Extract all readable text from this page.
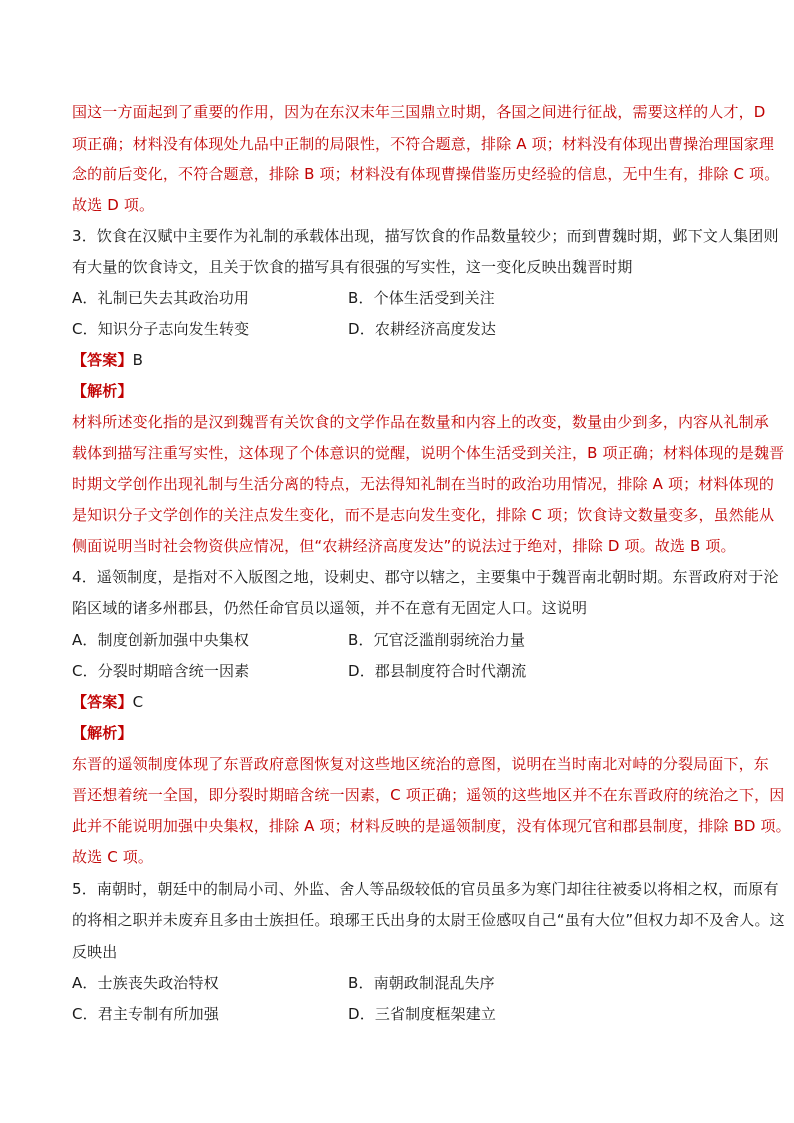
国这一方面起到了重要的作用，因为在东汉末年三国鼎立时期，各国之间进行征战，需要这样的人才，D
项正确；材料没有体现处九品中正制的局限性，不符合题意，排除 A 项；材料没有体现出曹操治理国家理
念的前后变化，不符合题意，排除 B 项；材料没有体现曹操借鉴历史经验的信息，无中生有，排除 C 项。
故选 D 项。
3．饮食在汉赋中主要作为礼制的承载体出现，描写饮食的作品数量较少；而到曹魏时期，邺下文人集团则
有大量的饮食诗文，且关于饮食的描写具有很强的写实性，这一变化反映出魏晋时期
A．礼制已失去其政治功用	B．个体生活受到关注
C．知识分子志向发生转变	D．农耕经济高度发达
【答案】B
【解析】
材料所述变化指的是汉到魏晋有关饮食的文学作品在数量和内容上的改变，数量由少到多，内容从礼制承
载体到描写注重写实性，这体现了个体意识的觉醒，说明个体生活受到关注，B 项正确；材料体现的是魏晋
时期文学创作出现礼制与生活分离的特点，无法得知礼制在当时的政治功用情况，排除 A 项；材料体现的
是知识分子文学创作的关注点发生变化，而不是志向发生变化，排除 C 项；饮食诗文数量变多，虽然能从
侧面说明当时社会物资供应情况，但“农耕经济高度发达”的说法过于绝对，排除 D 项。故选 B 项。
4．遥领制度，是指对不入版图之地，设刺史、郡守以辖之，主要集中于魏晋南北朝时期。东晋政府对于沦
陷区域的诸多州郡县，仍然任命官员以遥领，并不在意有无固定人口。这说明
A．制度创新加强中央集权	B．冗官泛滥削弱统治力量
C．分裂时期暗含统一因素	D．郡县制度符合时代潮流
【答案】C
【解析】
东晋的遥领制度体现了东晋政府意图恢复对这些地区统治的意图，说明在当时南北对峙的分裂局面下，东
晋还想着统一全国，即分裂时期暗含统一因素，C 项正确；遥领的这些地区并不在东晋政府的统治之下，因
此并不能说明加强中央集权，排除 A 项；材料反映的是遥领制度，没有体现冗官和郡县制度，排除 BD 项。
故选 C 项。
5．南朝时，朝廷中的制局小司、外监、舍人等品级较低的官员虽多为寒门却往往被委以将相之权，而原有
的将相之职并未废弃且多由士族担任。琅琊王氏出身的太尉王俭感叹自己“虽有大位”但权力却不及舍人。这
反映出
A．士族丧失政治特权	B．南朝政制混乱失序
C．君主专制有所加强	D．三省制度框架建立
